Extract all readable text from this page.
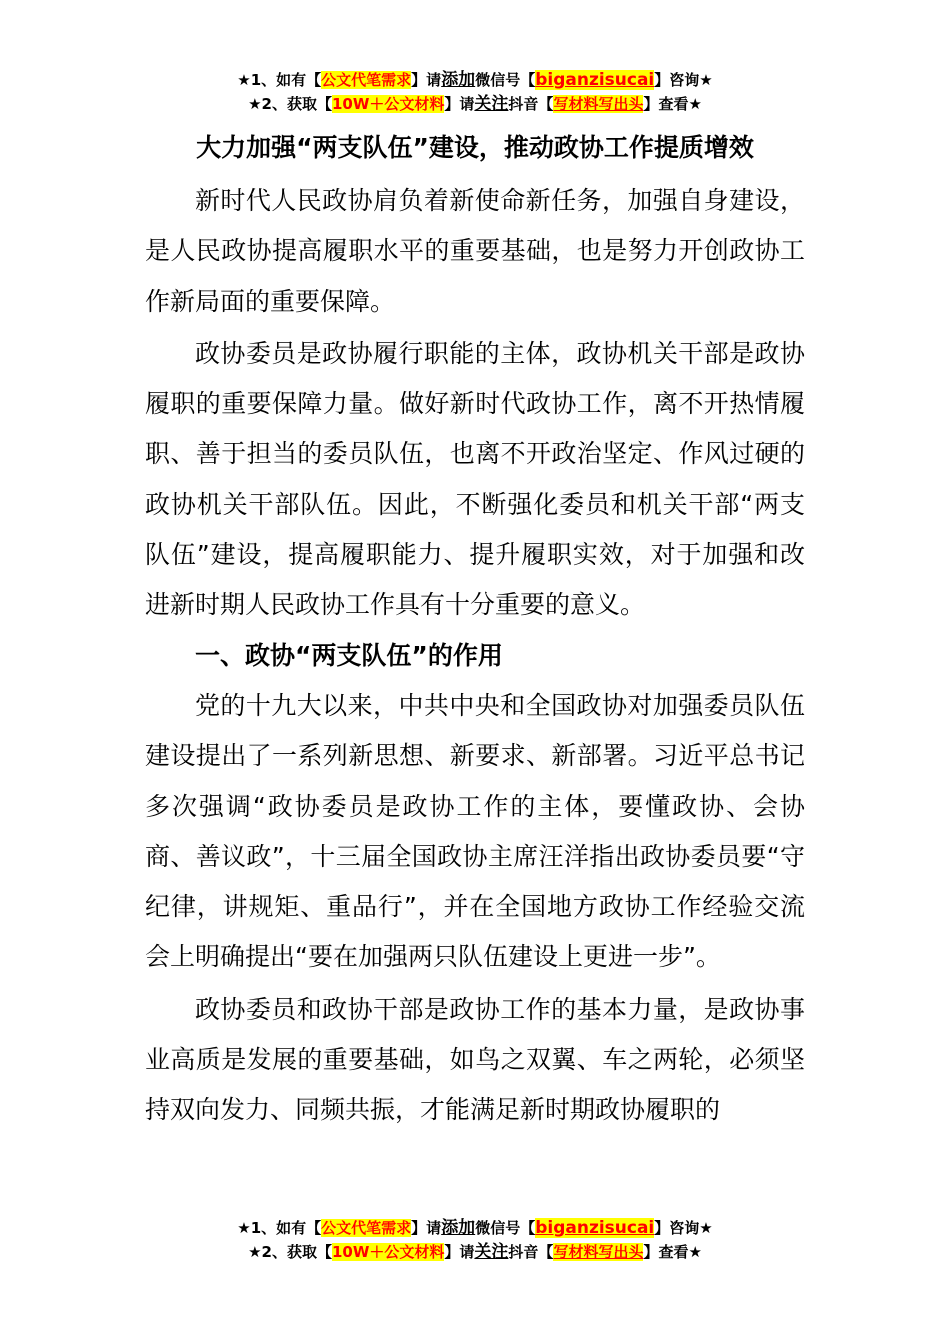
★1、如有【公文代笔需求】请添加微信号【biganzisucai】咨询★
★2、获取【10W＋公文材料】请关注抖音【写材料写出头】查看★
大力加强“两支队伍”建设，推动政协工作提质增效

新时代人民政协肩负着新使命新任务，加强自身建设，是人民政协提高履职水平的重要基础，也是努力开创政协工作新局面的重要保障。

政协委员是政协履行职能的主体，政协机关干部是政协履职的重要保障力量。做好新时代政协工作，离不开热情履职、善于担当的委员队伍，也离不开政治坚定、作风过硬的政协机关干部队伍。因此，不断强化委员和机关干部“两支队伍”建设，提高履职能力、提升履职实效，对于加强和改进新时期人民政协工作具有十分重要的意义。

一、政协“两支队伍”的作用

党的十九大以来，中共中央和全国政协对加强委员队伍建设提出了一系列新思想、新要求、新部署。习近平总书记多次强调“政协委员是政协工作的主体，要懂政协、会协商、善议政”，十三届全国政协主席汪洋指出政协委员要“守纪律，讲规矩、重品行”，并在全国地方政协工作经验交流会上明确提出“要在加强两只队伍建设上更进一步”。

政协委员和政协干部是政协工作的基本力量，是政协事业高质是发展的重要基础，如鸟之双翼、车之两轮，必须坚持双向发力、同频共振，才能满足新时期政协履职的

★1、如有【公文代笔需求】请添加微信号【biganzisucai】咨询★
★2、获取【10W＋公文材料】请关注抖音【写材料写出头】查看★
